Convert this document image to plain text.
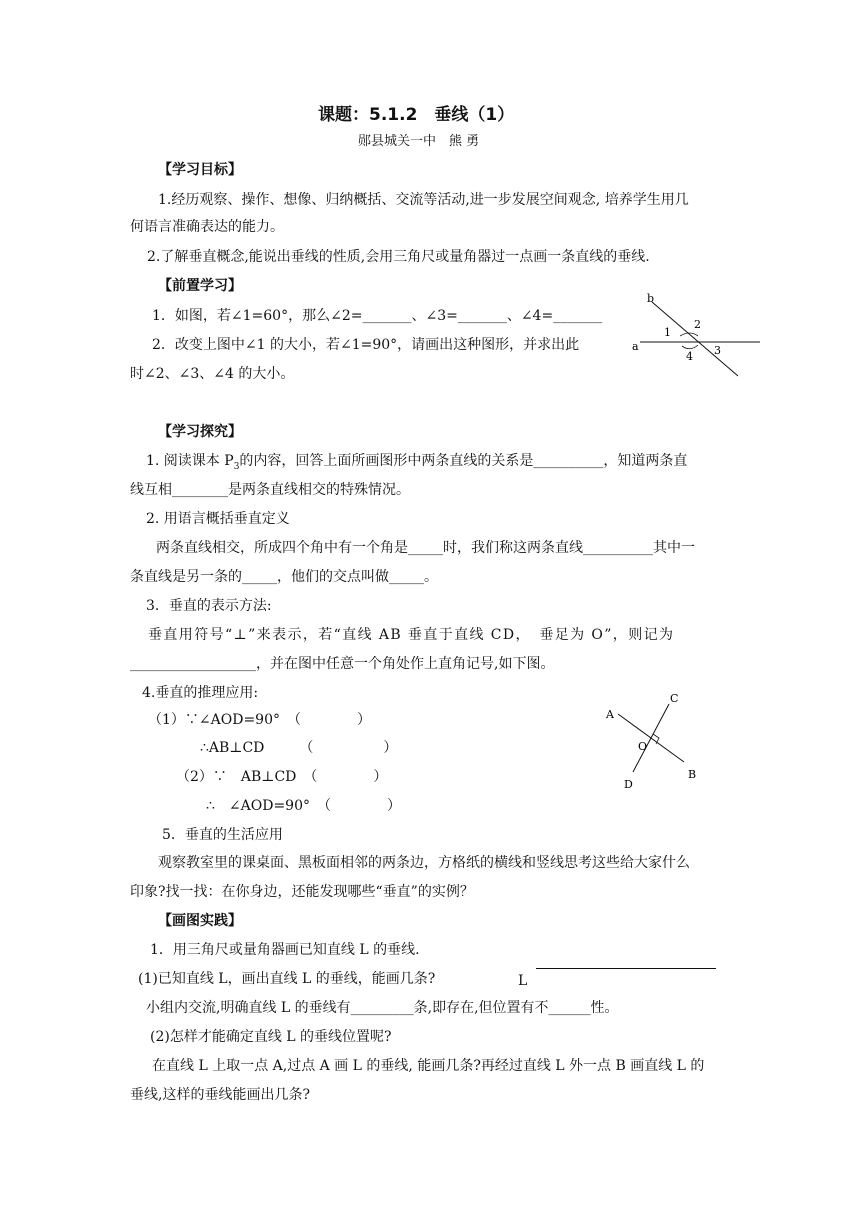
课题：5.1.2　垂线（1）
郧县城关一中　熊 勇
【学习目标】
1.经历观察、操作、想像、归纳概括、交流等活动,进一步发展空间观念, 培养学生用几
何语言准确表达的能力。
2.了解垂直概念,能说出垂线的性质,会用三角尺或量角器过一点画一条直线的垂线.
【前置学习】
1．如图，若∠1=60°，那么∠2=_______、∠3=_______、∠4=_______
2．改变上图中∠1 的大小，若∠1=90°，请画出这种图形，并求出此
时∠2、∠3、∠4 的大小。
b
a
1
2
3
4
【学习探究】
1. 阅读课本 $P_3$的内容，回答上面所画图形中两条直线的关系是__________，知道两条直
线互相________是两条直线相交的特殊情况。
2. 用语言概括垂直定义
两条直线相交，所成四个角中有一个角是_____时，我们称这两条直线__________其中一
条直线是另一条的_____，他们的交点叫做_____。
3．垂直的表示方法:
垂直用符号“⊥”来表示，若“直线 AB 垂直于直线 CD，　垂足为 O”，则记为
__________________，并在图中任意一个角处作上直角记号,如下图。
4.垂直的推理应用:
（1）∵∠AOD=90°　（　　　　）
∴AB⊥CD　　　（　　　　　）
（2）∵　AB⊥CD　（　　　　）
∴　∠AOD=90°　（　　　　）
C
A
O
B
D
5．垂直的生活应用
观察教室里的课桌面、黑板面相邻的两条边，方格纸的横线和竖线思考这些给大家什么
印象?找一找：在你身边，还能发现哪些“垂直”的实例？
【画图实践】
1．用三角尺或量角器画已知直线 L 的垂线.
(1)已知直线 L，画出直线 L 的垂线，能画几条?	L
小组内交流,明确直线 L 的垂线有_________条,即存在,但位置有不______性。
(2)怎样才能确定直线 L 的垂线位置呢?
在直线 L 上取一点 A,过点 A 画 L 的垂线, 能画几条?再经过直线 L 外一点 B 画直线 L 的
垂线,这样的垂线能画出几条?
